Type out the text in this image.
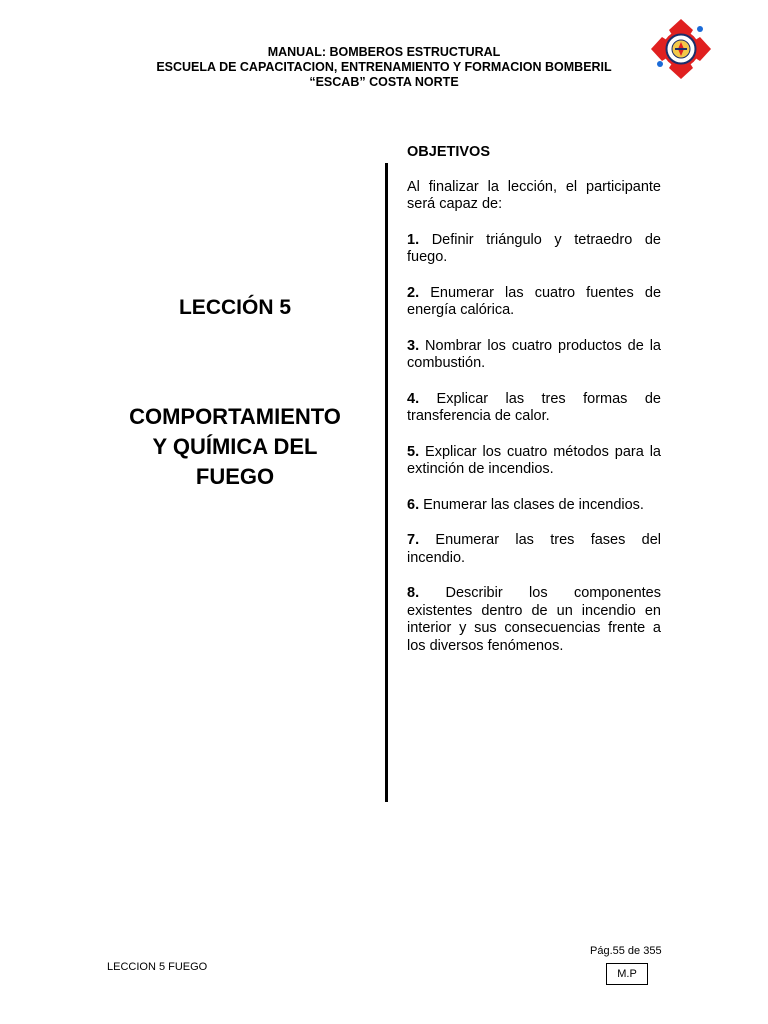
MANUAL: BOMBEROS ESTRUCTURAL
ESCUELA DE CAPACITACION, ENTRENAMIENTO Y FORMACION BOMBERIL
“ESCAB” COSTA NORTE
LECCIÓN 5
COMPORTAMIENTO
Y QUÍMICA DEL
FUEGO
OBJETIVOS

Al finalizar la lección, el participante será capaz de:

1. Definir triángulo y tetraedro de fuego.

2. Enumerar las cuatro fuentes de energía calórica.

3. Nombrar los cuatro productos de la combustión.

4. Explicar las tres formas de transferencia de calor.

5. Explicar los cuatro métodos para la extinción de incendios.

6. Enumerar las clases de incendios.

7. Enumerar las tres fases del incendio.

8. Describir los componentes existentes dentro de un incendio en interior y sus consecuencias frente a los diversos fenómenos.

LECCION 5 FUEGO
Pág.55 de 355
M.P
